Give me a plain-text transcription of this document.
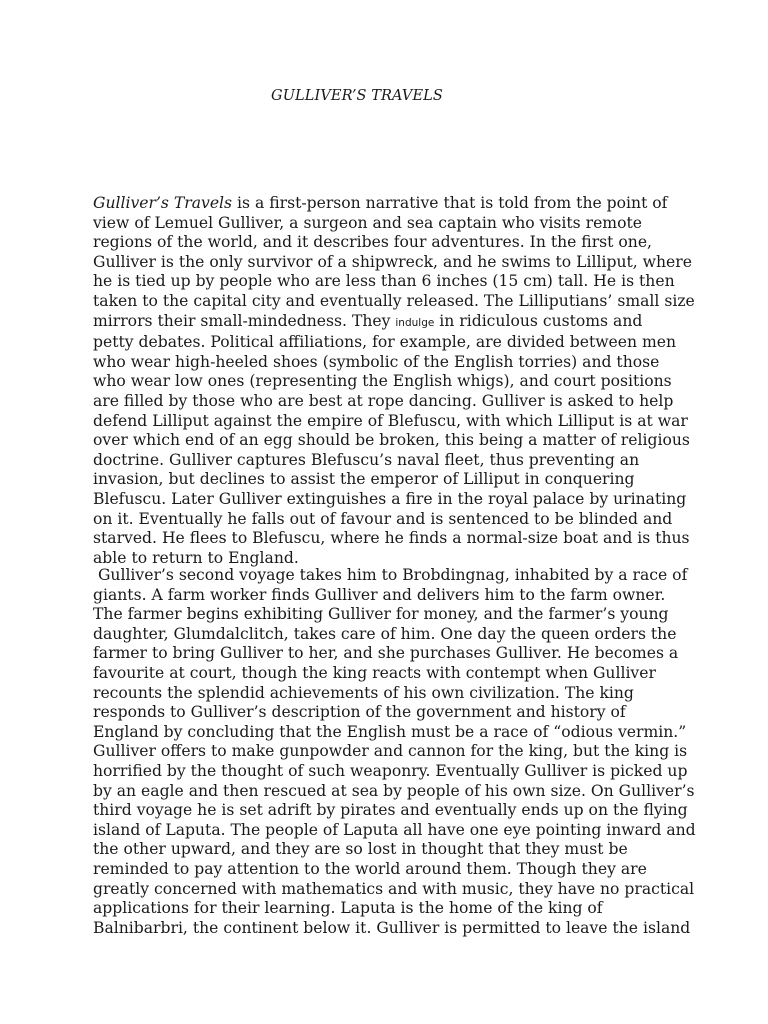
GULLIVER’S TRAVELS
Gulliver’s Travels is a first-person narrative that is told from the point of
view of Lemuel Gulliver, a surgeon and sea captain who visits remote
regions of the world, and it describes four adventures. In the first one,
Gulliver is the only survivor of a shipwreck, and he swims to Lilliput, where
he is tied up by people who are less than 6 inches (15 cm) tall. He is then
taken to the capital city and eventually released. The Lilliputians’ small size
mirrors their small-mindedness. They indulge in ridiculous customs and
petty debates. Political affiliations, for example, are divided between men
who wear high-heeled shoes (symbolic of the English torries) and those
who wear low ones (representing the English whigs), and court positions
are filled by those who are best at rope dancing. Gulliver is asked to help
defend Lilliput against the empire of Blefuscu, with which Lilliput is at war
over which end of an egg should be broken, this being a matter of religious
doctrine. Gulliver captures Blefuscu’s naval fleet, thus preventing an
invasion, but declines to assist the emperor of Lilliput in conquering
Blefuscu. Later Gulliver extinguishes a fire in the royal palace by urinating
on it. Eventually he falls out of favour and is sentenced to be blinded and
starved. He flees to Blefuscu, where he finds a normal-size boat and is thus
able to return to England.
Gulliver’s second voyage takes him to Brobdingnag, inhabited by a race of
giants. A farm worker finds Gulliver and delivers him to the farm owner.
The farmer begins exhibiting Gulliver for money, and the farmer’s young
daughter, Glumdalclitch, takes care of him. One day the queen orders the
farmer to bring Gulliver to her, and she purchases Gulliver. He becomes a
favourite at court, though the king reacts with contempt when Gulliver
recounts the splendid achievements of his own civilization. The king
responds to Gulliver’s description of the government and history of
England by concluding that the English must be a race of “odious vermin.”
Gulliver offers to make gunpowder and cannon for the king, but the king is
horrified by the thought of such weaponry. Eventually Gulliver is picked up
by an eagle and then rescued at sea by people of his own size. On Gulliver’s
third voyage he is set adrift by pirates and eventually ends up on the flying
island of Laputa. The people of Laputa all have one eye pointing inward and
the other upward, and they are so lost in thought that they must be
reminded to pay attention to the world around them. Though they are
greatly concerned with mathematics and with music, they have no practical
applications for their learning. Laputa is the home of the king of
Balnibarbri, the continent below it. Gulliver is permitted to leave the island
